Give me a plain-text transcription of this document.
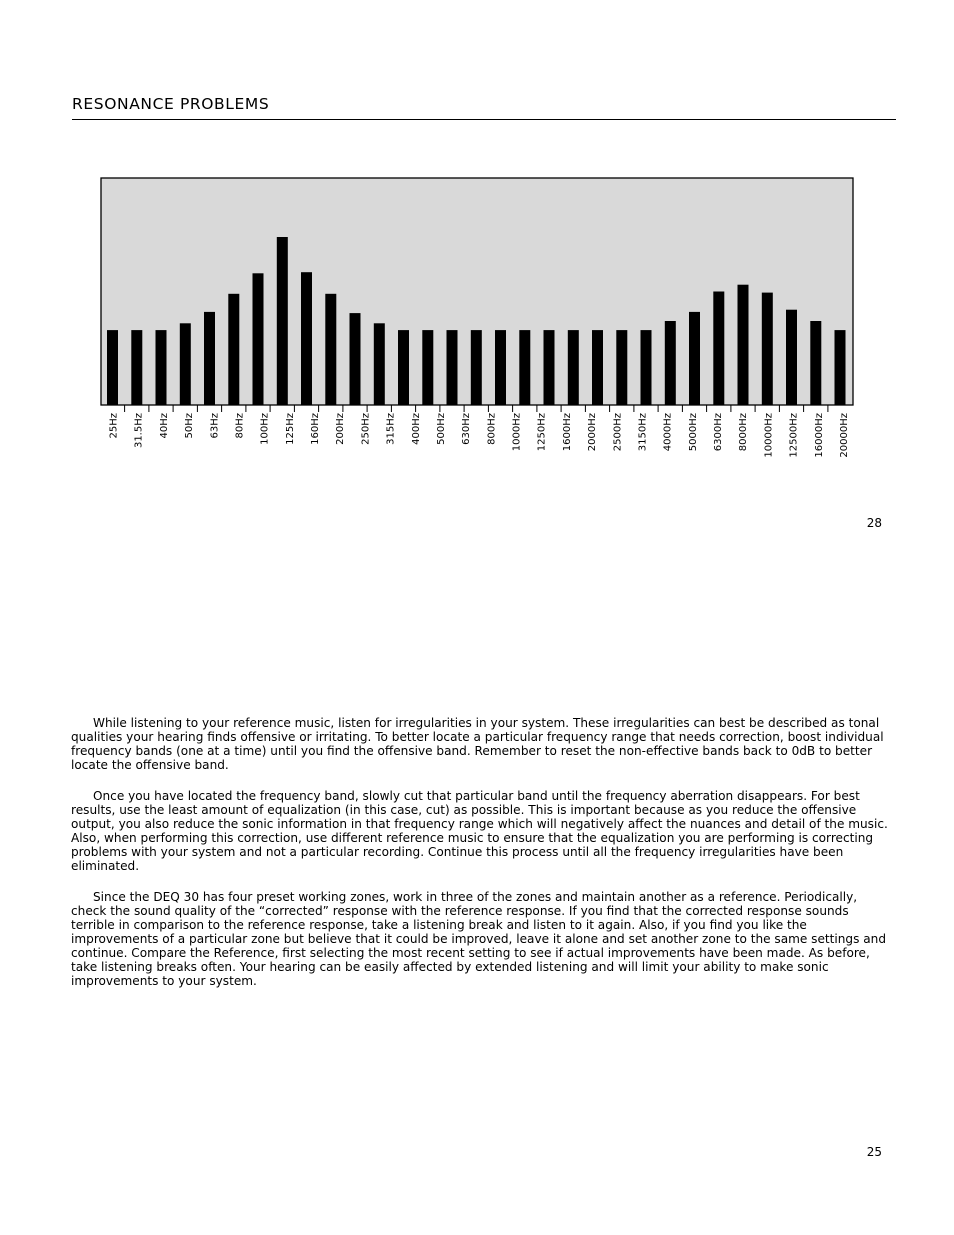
RESONANCE PROBLEMS
25Hz 31.5Hz 40Hz 50Hz 63Hz 80Hz 100Hz 125Hz 160Hz 200Hz 250Hz 315Hz 400Hz 500Hz 630Hz 800Hz 1000Hz 1250Hz 1600Hz 2000Hz 2500Hz 3150Hz 4000Hz 5000Hz 6300Hz 8000Hz 10000Hz 12500Hz 16000Hz 20000Hz
28

While listening to your reference music, listen for irregularities in your system. These irregularities can best be described as tonal qualities your hearing finds offensive or irritating. To better locate a particular frequency range that needs correction, boost individual frequency bands (one at a time) until you find the offensive band. Remember to reset the non-effective bands back to 0dB to better locate the offensive band.

Once you have located the frequency band, slowly cut that particular band until the frequency aberration disappears. For best results, use the least amount of equalization (in this case, cut) as possible. This is important because as you reduce the offensive output, you also reduce the sonic information in that frequency range which will negatively affect the nuances and detail of the music. Also, when performing this correction, use different reference music to ensure that the equalization you are performing is correcting problems with your system and not a particular recording. Continue this process until all the frequency irregularities have been eliminated.

Since the DEQ 30 has four preset working zones, work in three of the zones and maintain another as a reference. Periodically, check the sound quality of the “corrected” response with the reference response. If you find that the corrected response sounds terrible in comparison to the reference response, take a listening break and listen to it again. Also, if you find you like the improvements of a particular zone but believe that it could be improved, leave it alone and set another zone to the same settings and continue. Compare the Reference, first selecting the most recent setting to see if actual improvements have been made. As before, take listening breaks often. Your hearing can be easily affected by extended listening and will limit your ability to make sonic improvements to your system.

25
